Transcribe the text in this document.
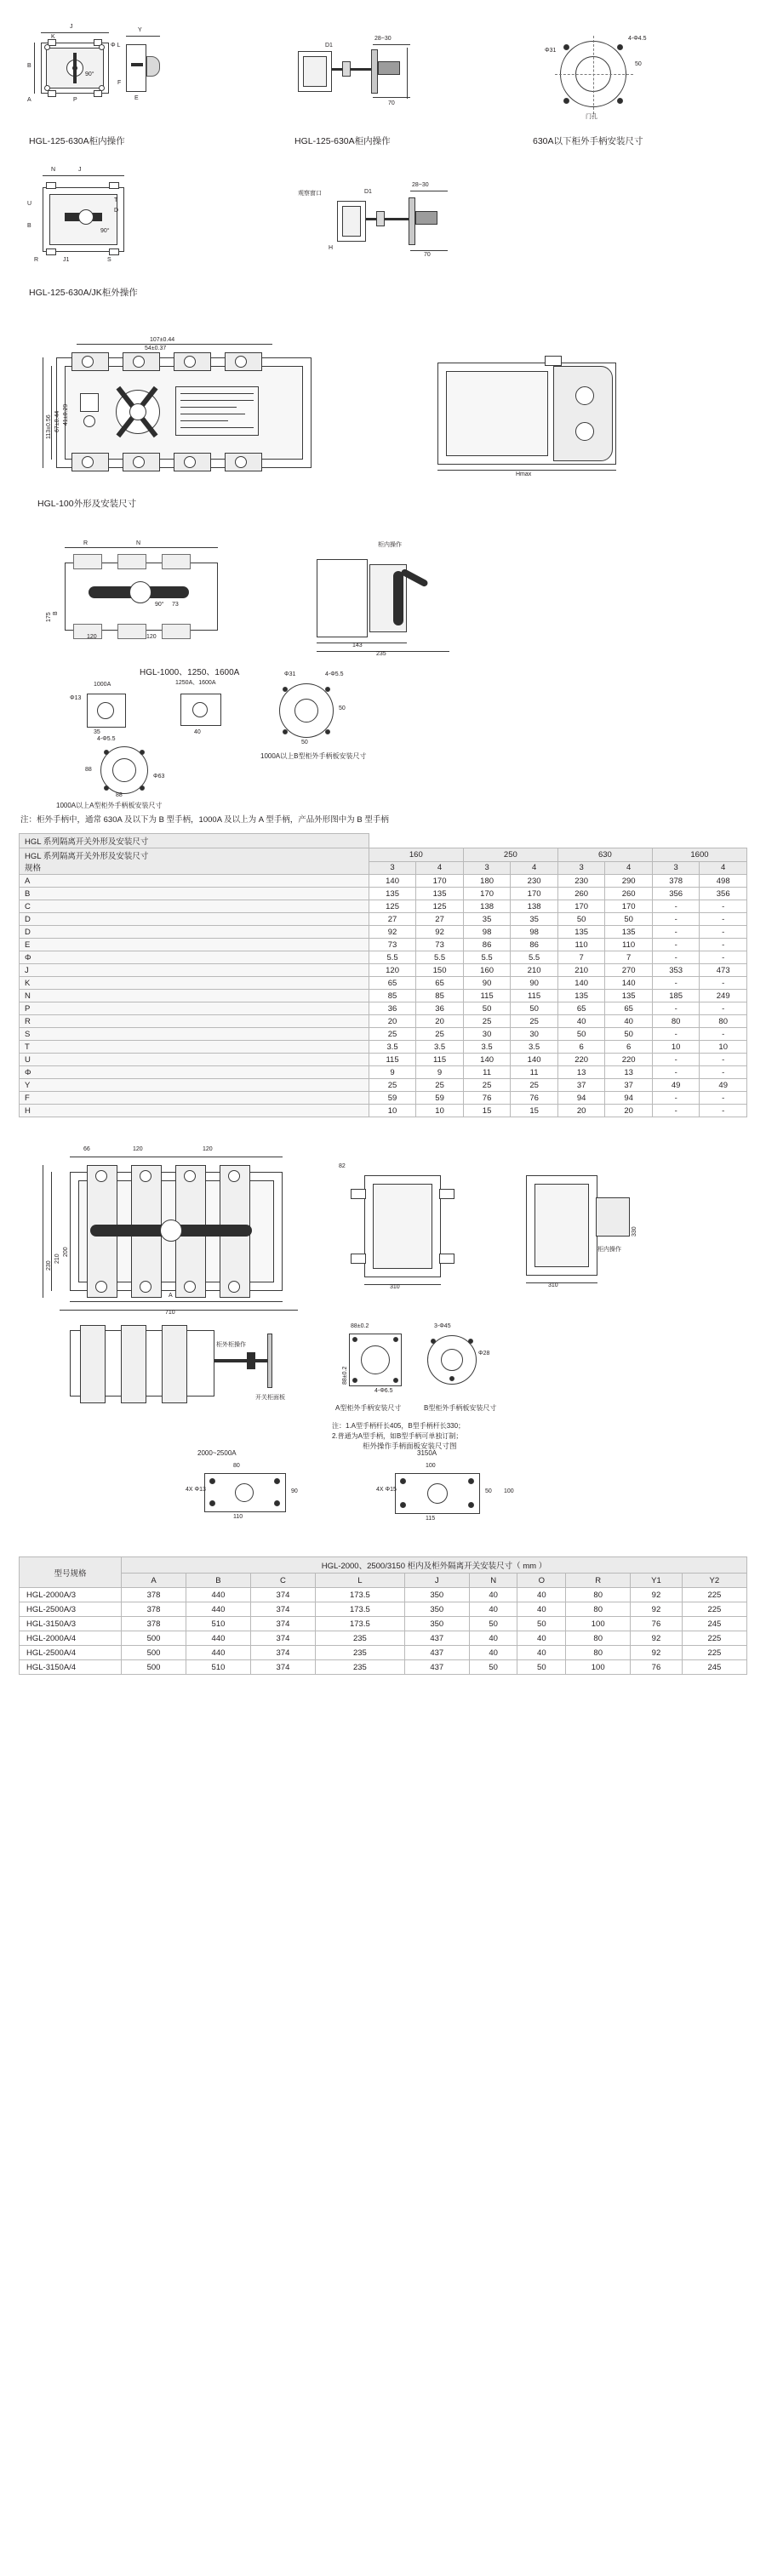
J
K
B
A	P
Φ L
90°
Y
E
F
HGL-125-630A柜内操作
28~30
D1
70
HGL-125-630A柜内操作
Φ31
4-Φ4.5
50
门孔
630A以下柜外手柄安装尺寸
N	J
U
B
T
D
90°
J1
R	S
观察窗口
28~30
D1
70
H
HGL-125-630A/JK柜外操作
107±0.44
54±0.37
113±0.56 67±0.44 41±0.29
Hmax
HGL-100外形及安装尺寸
R	N
B
175
120	120
90° 73
柜内操作
143
235
HGL-1000、1250、1600A
1000A
Φ13
35
1250A、1600A
40
Φ31	4-Φ5.5
50
50
1000A以上B型柜外手柄板安装尺寸
4-Φ5.5
88
Φ63
88
1000A以上A型柜外手柄板安装尺寸
注：柜外手柄中，通常 630A 及以下为 B 型手柄，1000A 及以上为 A 型手柄，产品外形图中为 B 型手柄
HGL 系列隔离开关外形及安装尺寸								

HGL 系列隔离开关外形及安装尺寸
规格	160		250		630		1600	
	3	4	3	4	3	4	3	4
A	140	170	180	230	230	290	378	498
B	135	135	170	170	260	260	356	356
C	125	125	138	138	170	170	-	-
D	27	27	35	35	50	50	-	-
D	92	92	98	98	135	135	-	-
E	73	73	86	86	110	110	-	-
Φ	5.5	5.5	5.5	5.5	7	7	-	-
J	120	150	160	210	210	270	353	473
K	65	65	90	90	140	140	-	-
N	85	85	115	115	135	135	185	249
P	36	36	50	50	65	65	-	-
R	20	20	25	25	40	40	80	80
S	25	25	30	30	50	50	-	-
T	3.5	3.5	3.5	3.5	6	6	10	10
U	115	115	140	140	220	220	-	-
Φ	9	9	11	11	13	13	-	-
Y	25	25	25	25	37	37	49	49
F	59	59	76	76	94	94	-	-
H	10	10	15	15	20	20	-	-
66	120	120
230
210
200
A
710
82
310
330
310
柜内操作
柜外柜操作
开关柜面板
88±0.2
88±0.2
4-Φ6.5
3-Φ45
Φ28
A型柜外手柄安装尺寸	B型柜外手柄板安装尺寸
注：1.A型手柄杆长405，B型手柄杆长330；
2.普通为A型手柄，如B型手柄可单独订制；
2000~2500A	3150A
柜外操作手柄面板安装尺寸图
80
4X Φ13
110
90
100
4X Φ15
115
50 100
型号规格	HGL-2000、2500/3150 柜内及柜外隔离开关安装尺寸（ mm ）									
	A	B	C	L	J	N	O	R	Y1	Y2
HGL-2000A/3	378	440	374	173.5	350	40	40	80	92	225
HGL-2500A/3	378	440	374	173.5	350	40	40	80	92	225
HGL-3150A/3	378	510	374	173.5	350	50	50	100	76	245
HGL-2000A/4	500	440	374	235	437	40	40	80	92	225
HGL-2500A/4	500	440	374	235	437	40	40	80	92	225
HGL-3150A/4	500	510	374	235	437	50	50	100	76	245
